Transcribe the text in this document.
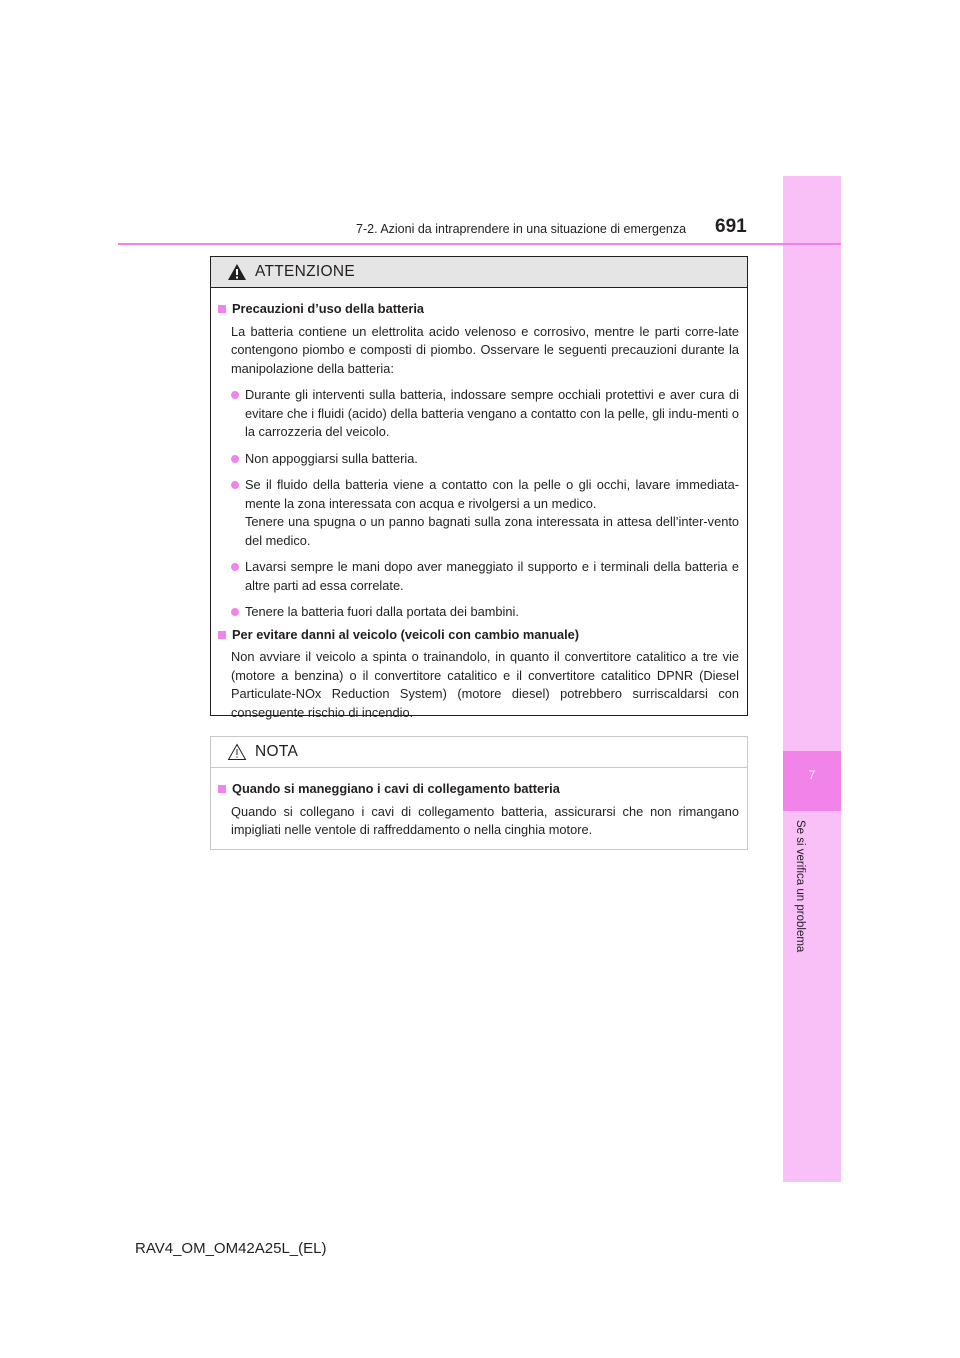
7
Se si verifica un problema
7-2. Azioni da intraprendere in una situazione di emergenza 691
ATTENZIONE
Precauzioni d’uso della batteria
La batteria contiene un elettrolita acido velenoso e corrosivo, mentre le parti corre-late contengono piombo e composti di piombo. Osservare le seguenti precauzioni durante la manipolazione della batteria:
Durante gli interventi sulla batteria, indossare sempre occhiali protettivi e aver cura di evitare che i fluidi (acido) della batteria vengano a contatto con la pelle, gli indu-menti o la carrozzeria del veicolo.
Non appoggiarsi sulla batteria.
Se il fluido della batteria viene a contatto con la pelle o gli occhi, lavare immediata-mente la zona interessata con acqua e rivolgersi a un medico.
Tenere una spugna o un panno bagnati sulla zona interessata in attesa dell’inter-vento del medico.
Lavarsi sempre le mani dopo aver maneggiato il supporto e i terminali della batteria e altre parti ad essa correlate.
Tenere la batteria fuori dalla portata dei bambini.
Per evitare danni al veicolo (veicoli con cambio manuale)
Non avviare il veicolo a spinta o trainandolo, in quanto il convertitore catalitico a tre vie (motore a benzina) o il convertitore catalitico e il convertitore catalitico DPNR (Diesel Particulate-NOx Reduction System) (motore diesel) potrebbero surriscaldarsi con conseguente rischio di incendio.
NOTA
Quando si maneggiano i cavi di collegamento batteria
Quando si collegano i cavi di collegamento batteria, assicurarsi che non rimangano impigliati nelle ventole di raffreddamento o nella cinghia motore.
RAV4_OM_OM42A25L_(EL)
